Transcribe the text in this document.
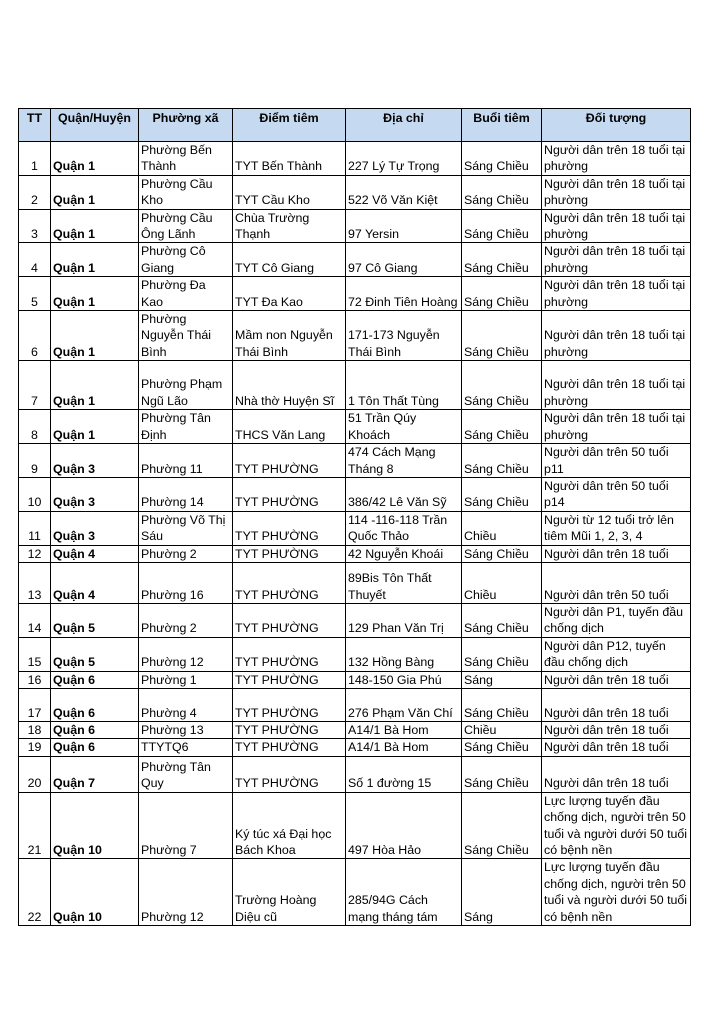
TT	Quận/Huyện	Phường xã	Điểm tiêm	Địa chỉ	Buổi tiêm	Đối tượng
1	Quận 1	Phường Bến Thành	TYT Bến Thành	227 Lý Tự Trọng	Sáng Chiều	Người dân trên 18 tuổi tại phường
2	Quận 1	Phường Cầu Kho	TYT Cầu Kho	522 Võ Văn Kiệt	Sáng Chiều	Người dân trên 18 tuổi tại phường
3	Quận 1	Phường Cầu Ông Lãnh	Chùa Trường Thạnh	97 Yersin	Sáng Chiều	Người dân trên 18 tuổi tại phường
4	Quận 1	Phường Cô Giang	TYT Cô Giang	97 Cô Giang	Sáng Chiều	Người dân trên 18 tuổi tại phường
5	Quận 1	Phường Đa Kao	TYT Đa Kao	72 Đinh Tiên Hoàng	Sáng Chiều	Người dân trên 18 tuổi tại phường
6	Quận 1	Phường Nguyễn Thái Bình	Mầm non Nguyễn Thái Bình	171-173 Nguyễn Thái Bình	Sáng Chiều	Người dân trên 18 tuổi tại phường
7	Quận 1	Phường Phạm Ngũ Lão	Nhà thờ Huyện Sĩ	1 Tôn Thất Tùng	Sáng Chiều	Người dân trên 18 tuổi tại phường
8	Quận 1	Phường Tân Định	THCS Văn Lang	51 Trần Qúy Khoách	Sáng Chiều	Người dân trên 18 tuổi tại phường
9	Quận 3	Phường 11	TYT PHƯỜNG	474 Cách Mạng Tháng 8	Sáng Chiều	Người dân trên 50 tuổi p11
10	Quận 3	Phường 14	TYT PHƯỜNG	386/42 Lê Văn Sỹ	Sáng Chiều	Người dân trên 50 tuổi p14
11	Quận 3	Phường Võ Thị Sáu	TYT PHƯỜNG	114 -116-118 Trần Quốc Thảo	Chiều	Người từ 12 tuổi trở lên tiêm Mũi 1, 2, 3, 4
12	Quận 4	Phường 2	TYT PHƯỜNG	42 Nguyễn Khoái	Sáng Chiều	Người dân trên 18 tuổi
13	Quận 4	Phường 16	TYT PHƯỜNG	89Bis Tôn Thất Thuyết	Chiều	Người dân trên 50 tuổi
14	Quận 5	Phường 2	TYT PHƯỜNG	129 Phan Văn Trị	Sáng Chiều	Người dân P1, tuyến đầu chống dịch
15	Quận 5	Phường 12	TYT PHƯỜNG	132 Hồng Bàng	Sáng Chiều	Người dân P12, tuyến đầu chống dịch
16	Quận 6	Phường 1	TYT PHƯỜNG	148-150 Gia Phú	Sáng	Người dân trên 18 tuổi
17	Quận 6	Phường 4	TYT PHƯỜNG	276 Phạm Văn Chí	Sáng Chiều	Người dân trên 18 tuổi
18	Quận 6	Phường 13	TYT PHƯỜNG	A14/1 Bà Hom	Chiều	Người dân trên 18 tuổi
19	Quận 6	TTYTQ6	TYT PHƯỜNG	A14/1 Bà Hom	Sáng Chiều	Người dân trên 18 tuổi
20	Quận 7	Phường Tân Quy	TYT PHƯỜNG	Số 1 đường 15	Sáng Chiều	Người dân trên 18 tuổi
21	Quận 10	Phường 7	Ký túc xá Đại học Bách Khoa	497 Hòa Hảo	Sáng Chiều	Lực lượng tuyến đầu chống dịch, người trên 50 tuổi và người dưới 50 tuổi có bệnh nền
22	Quận 10	Phường 12	Trường Hoàng Diệu cũ	285/94G Cách mạng tháng tám	Sáng	Lực lượng tuyến đầu chống dịch, người trên 50 tuổi và người dưới 50 tuổi có bệnh nền
